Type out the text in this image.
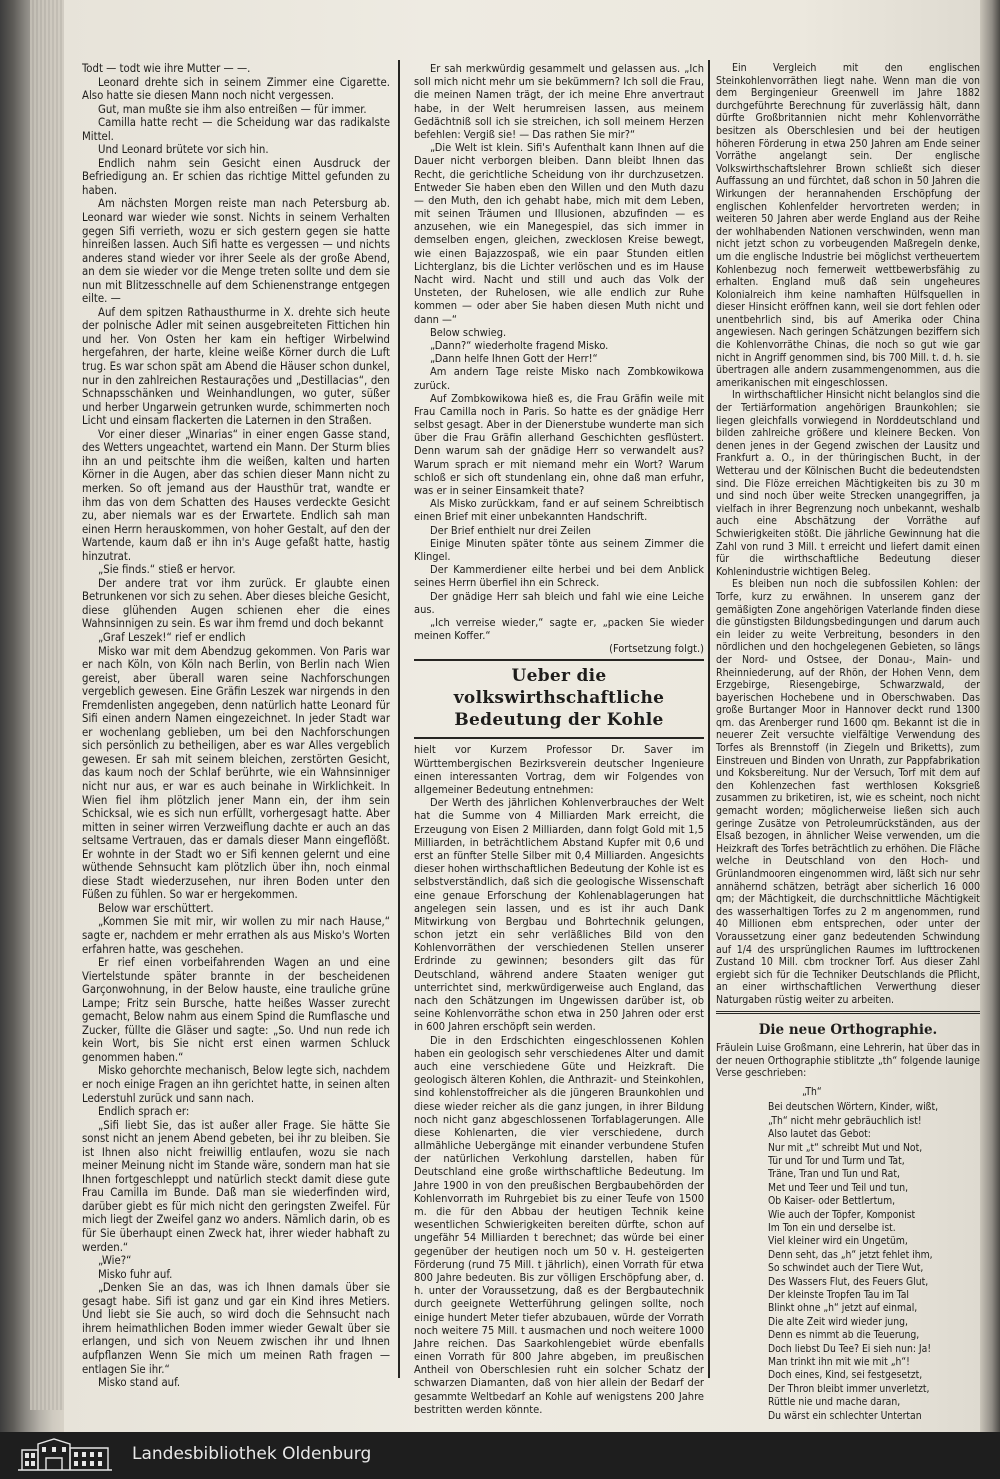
Todt — todt wie ihre Mutter — —.

Leonard drehte sich in seinem Zimmer eine Cigarette. Also hatte sie diesen Mann noch nicht vergessen.

Gut, man mußte sie ihm also entreißen — für immer.

Camilla hatte recht — die Scheidung war das radikalste Mittel.

Und Leonard brütete vor sich hin.

Endlich nahm sein Gesicht einen Ausdruck der Befriedigung an. Er schien das richtige Mittel gefunden zu haben.

Am nächsten Morgen reiste man nach Petersburg ab. Leonard war wieder wie sonst. Nichts in seinem Verhalten gegen Sifi verrieth, wozu er sich gestern gegen sie hatte hinreißen lassen. Auch Sifi hatte es vergessen — und nichts anderes stand wieder vor ihrer Seele als der große Abend, an dem sie wieder vor die Menge treten sollte und dem sie nun mit Blitzesschnelle auf dem Schienenstrange entgegen eilte. —

Auf dem spitzen Rathausthurme in X. drehte sich heute der polnische Adler mit seinen ausgebreiteten Fittichen hin und her. Von Osten her kam ein heftiger Wirbelwind hergefahren, der harte, kleine weiße Körner durch die Luft trug. Es war schon spät am Abend die Häuser schon dunkel, nur in den zahlreichen Restaurações und „Destillacias“, den Schnapsschänken und Weinhandlungen, wo guter, süßer und herber Ungarwein getrunken wurde, schimmerten noch Licht und einsam flackerten die Laternen in den Straßen.

Vor einer dieser „Winarias“ in einer engen Gasse stand, des Wetters ungeachtet, wartend ein Mann. Der Sturm blies ihn an und peitschte ihm die weißen, kalten und harten Körner in die Augen, aber das schien dieser Mann nicht zu merken. So oft jemand aus der Hausthür trat, wandte er ihm das von dem Schatten des Hauses verdeckte Gesicht zu, aber niemals war es der Erwartete. Endlich sah man einen Herrn herauskommen, von hoher Gestalt, auf den der Wartende, kaum daß er ihn in's Auge gefaßt hatte, hastig hinzutrat.

„Sie finds.“ stieß er hervor.

Der andere trat vor ihm zurück. Er glaubte einen Betrunkenen vor sich zu sehen. Aber dieses bleiche Gesicht, diese glühenden Augen schienen eher die eines Wahnsinnigen zu sein. Es war ihm fremd und doch bekannt

„Graf Leszek!“ rief er endlich

Misko war mit dem Abendzug gekommen. Von Paris war er nach Köln, von Köln nach Berlin, von Berlin nach Wien gereist, aber überall waren seine Nachforschungen vergeblich gewesen. Eine Gräfin Leszek war nirgends in den Fremdenlisten angegeben, denn natürlich hatte Leonard für Sifi einen andern Namen eingezeichnet. In jeder Stadt war er wochenlang geblieben, um bei den Nachforschungen sich persönlich zu betheiligen, aber es war Alles vergeblich gewesen. Er sah mit seinem bleichen, zerstörten Gesicht, das kaum noch der Schlaf berührte, wie ein Wahnsinniger nicht nur aus, er war es auch beinahe in Wirklichkeit. In Wien fiel ihm plötzlich jener Mann ein, der ihm sein Schicksal, wie es sich nun erfüllt, vorhergesagt hatte. Aber mitten in seiner wirren Verzweiflung dachte er auch an das seltsame Vertrauen, das er damals dieser Mann eingeflößt. Er wohnte in der Stadt wo er Sifi kennen gelernt und eine wüthende Sehnsucht kam plötzlich über ihn, noch einmal diese Stadt wiederzusehen, nur ihren Boden unter den Füßen zu fühlen. So war er hergekommen.

Below war erschüttert.

„Kommen Sie mit mir, wir wollen zu mir nach Hause,“ sagte er, nachdem er mehr errathen als aus Misko's Worten erfahren hatte, was geschehen.

Er rief einen vorbeifahrenden Wagen an und eine Viertelstunde später brannte in der bescheidenen Garçonwohnung, in der Below hauste, eine trauliche grüne Lampe; Fritz sein Bursche, hatte heißes Wasser zurecht gemacht, Below nahm aus einem Spind die Rumflasche und Zucker, füllte die Gläser und sagte: „So. Und nun rede ich kein Wort, bis Sie nicht erst einen warmen Schluck genommen haben.“

Misko gehorchte mechanisch, Below legte sich, nachdem er noch einige Fragen an ihn gerichtet hatte, in seinen alten Lederstuhl zurück und sann nach.

Endlich sprach er:

„Sifi liebt Sie, das ist außer aller Frage. Sie hätte Sie sonst nicht an jenem Abend gebeten, bei ihr zu bleiben. Sie ist Ihnen also nicht freiwillig entlaufen, wozu sie nach meiner Meinung nicht im Stande wäre, sondern man hat sie Ihnen fortgeschleppt und natürlich steckt damit diese gute Frau Camilla im Bunde. Daß man sie wiederfinden wird, darüber giebt es für mich nicht den geringsten Zweifel. Für mich liegt der Zweifel ganz wo anders. Nämlich darin, ob es für Sie überhaupt einen Zweck hat, ihrer wieder habhaft zu werden.“

„Wie?“

Misko fuhr auf.

„Denken Sie an das, was ich Ihnen damals über sie gesagt habe. Sifi ist ganz und gar ein Kind ihres Metiers. Und liebt sie Sie auch, so wird doch die Sehnsucht nach ihrem heimathlichen Boden immer wieder Gewalt über sie erlangen, und sich von Neuem zwischen ihr und Ihnen aufpflanzen Wenn Sie mich um meinen Rath fragen — entlagen Sie ihr.“

Misko stand auf.

Er sah merkwürdig gesammelt und gelassen aus. „Ich soll mich nicht mehr um sie bekümmern? Ich soll die Frau, die meinen Namen trägt, der ich meine Ehre anvertraut habe, in der Welt herumreisen lassen, aus meinem Gedächtniß soll ich sie streichen, ich soll meinem Herzen befehlen: Vergiß sie! — Das rathen Sie mir?“

„Die Welt ist klein. Sifi's Aufenthalt kann Ihnen auf die Dauer nicht verborgen bleiben. Dann bleibt Ihnen das Recht, die gerichtliche Scheidung von ihr durchzusetzen. Entweder Sie haben eben den Willen und den Muth dazu — den Muth, den ich gehabt habe, mich mit dem Leben, mit seinen Träumen und Illusionen, abzufinden — es anzusehen, wie ein Manegespiel, das sich immer in demselben engen, gleichen, zwecklosen Kreise bewegt, wie einen Bajazzospaß, wie ein paar Stunden eitlen Lichterglanz, bis die Lichter verlöschen und es im Hause Nacht wird. Nacht und still und auch das Volk der Unsteten, der Ruhelosen, wie alle endlich zur Ruhe kommen — oder aber Sie haben diesen Muth nicht und dann —“

Below schwieg.

„Dann?“ wiederholte fragend Misko.

„Dann helfe Ihnen Gott der Herr!“

Am andern Tage reiste Misko nach Zombkowikowa zurück.

Auf Zombkowikowa hieß es, die Frau Gräfin weile mit Frau Camilla noch in Paris. So hatte es der gnädige Herr selbst gesagt. Aber in der Dienerstube wunderte man sich über die Frau Gräfin allerhand Geschichten gesflüstert. Denn warum sah der gnädige Herr so verwandelt aus? Warum sprach er mit niemand mehr ein Wort? Warum schloß er sich oft stundenlang ein, ohne daß man erfuhr, was er in seiner Einsamkeit thate?

Als Misko zurückkam, fand er auf seinem Schreibtisch einen Brief mit einer unbekannten Handschrift.

Der Brief enthielt nur drei Zeilen

Einige Minuten später tönte aus seinem Zimmer die Klingel.

Der Kammerdiener eilte herbei und bei dem Anblick seines Herrn überfiel ihn ein Schreck.

Der gnädige Herr sah bleich und fahl wie eine Leiche aus.

„Ich verreise wieder,“ sagte er, „packen Sie wieder meinen Koffer.“

(Fortsetzung folgt.)

Ueber die volkswirthschaftliche Bedeutung der Kohle

hielt vor Kurzem Professor Dr. Saver im Württembergischen Bezirksverein deutscher Ingenieure einen interessanten Vortrag, dem wir Folgendes von allgemeiner Bedeutung entnehmen:

Der Werth des jährlichen Kohlenverbrauches der Welt hat die Summe von 4 Milliarden Mark erreicht, die Erzeugung von Eisen 2 Milliarden, dann folgt Gold mit 1,5 Milliarden, in beträchtlichem Abstand Kupfer mit 0,6 und erst an fünfter Stelle Silber mit 0,4 Milliarden. Angesichts dieser hohen wirthschaftlichen Bedeutung der Kohle ist es selbstverständlich, daß sich die geologische Wissenschaft eine genaue Erforschung der Kohlenablagerungen hat angelegen sein lassen, und es ist ihr auch Dank Mitwirkung von Bergbau und Bohrtechnik gelungen, schon jetzt ein sehr verläßliches Bild von den Kohlenvorräthen der verschiedenen Stellen unserer Erdrinde zu gewinnen; besonders gilt das für Deutschland, während andere Staaten weniger gut unterrichtet sind, merkwürdigerweise auch England, das nach den Schätzungen im Ungewissen darüber ist, ob seine Kohlenvorräthe schon etwa in 250 Jahren oder erst in 600 Jahren erschöpft sein werden.

Die in den Erdschichten eingeschlossenen Kohlen haben ein geologisch sehr verschiedenes Alter und damit auch eine verschiedene Güte und Heizkraft. Die geologisch älteren Kohlen, die Anthrazit- und Steinkohlen, sind kohlenstoffreicher als die jüngeren Braunkohlen und diese wieder reicher als die ganz jungen, in ihrer Bildung noch nicht ganz abgeschlossenen Torfablagerungen. Alle diese Kohlenarten, die vier verschiedene, durch allmähliche Uebergänge mit einander verbundene Stufen der natürlichen Verkohlung darstellen, haben für Deutschland eine große wirthschaftliche Bedeutung. Im Jahre 1900 in von den preußischen Bergbaubehörden der Kohlenvorrath im Ruhrgebiet bis zu einer Teufe von 1500 m. die für den Abbau der heutigen Technik keine wesentlichen Schwierigkeiten bereiten dürfte, schon auf ungefähr 54 Milliarden t berechnet; das würde bei einer gegenüber der heutigen noch um 50 v. H. gesteigerten Förderung (rund 75 Mill. t jährlich), einen Vorrath für etwa 800 Jahre bedeuten. Bis zur völligen Erschöpfung aber, d. h. unter der Voraussetzung, daß es der Bergbautechnik durch geeignete Wetterführung gelingen sollte, noch einige hundert Meter tiefer abzubauen, würde der Vorrath noch weitere 75 Mill. t ausmachen und noch weitere 1000 Jahre reichen. Das Saarkohlengebiet würde ebenfalls einen Vorrath für 800 Jahre abgeben, im preußischen Antheil von Oberschlesien ruht ein solcher Schatz der schwarzen Diamanten, daß von hier allein der Bedarf der gesammte Weltbedarf an Kohle auf wenigstens 200 Jahre bestritten werden könnte.

Ein Vergleich mit den englischen Steinkohlenvorräthen liegt nahe. Wenn man die von dem Bergingenieur Greenwell im Jahre 1882 durchgeführte Berechnung für zuverlässig hält, dann dürfte Großbritannien nicht mehr Kohlenvorräthe besitzen als Oberschlesien und bei der heutigen höheren Förderung in etwa 250 Jahren am Ende seiner Vorräthe angelangt sein. Der englische Volkswirthschaftslehrer Brown schließt sich dieser Auffassung an und fürchtet, daß schon in 50 Jahren die Wirkungen der herannahenden Erschöpfung der englischen Kohlenfelder hervortreten werden; in weiteren 50 Jahren aber werde England aus der Reihe der wohlhabenden Nationen verschwinden, wenn man nicht jetzt schon zu vorbeugenden Maßregeln denke, um die englische Industrie bei möglichst vertheuertem Kohlenbezug noch fernerweit wettbewerbsfähig zu erhalten. England muß daß sein ungeheures Kolonialreich ihm keine namhaften Hülfsquellen in dieser Hinsicht eröffnen kann, weil sie dort fehlen oder unentbehrlich sind, bis auf Amerika oder China angewiesen. Nach geringen Schätzungen beziffern sich die Kohlenvorräthe Chinas, die noch so gut wie gar nicht in Angriff genommen sind, bis 700 Mill. t. d. h. sie übertragen alle andern zusammengenommen, aus die amerikanischen mit eingeschlossen.

In wirthschaftlicher Hinsicht nicht belanglos sind die der Tertiärformation angehörigen Braunkohlen; sie liegen gleichfalls vorwiegend in Norddeutschland und bilden zahlreiche größere und kleinere Becken. Von denen jenes in der Gegend zwischen der Lausitz und Frankfurt a. O., in der thüringischen Bucht, in der Wetterau und der Kölnischen Bucht die bedeutendsten sind. Die Flöze erreichen Mächtigkeiten bis zu 30 m und sind noch über weite Strecken unangegriffen, ja vielfach in ihrer Begrenzung noch unbekannt, weshalb auch eine Abschätzung der Vorräthe auf Schwierigkeiten stößt. Die jährliche Gewinnung hat die Zahl von rund 3 Mill. t erreicht und liefert damit einen für die wirthschaftliche Bedeutung dieser Kohlenindustrie wichtigen Beleg.

Es bleiben nun noch die subfossilen Kohlen: der Torfe, kurz zu erwähnen. In unserem ganz der gemäßigten Zone angehörigen Vaterlande finden diese die günstigsten Bildungsbedingungen und darum auch ein leider zu weite Verbreitung, besonders in den nördlichen und den hochgelegenen Gebieten, so längs der Nord- und Ostsee, der Donau-, Main- und Rheinniederung, auf der Rhön, der Hohen Venn, dem Erzgebirge, Riesengebirge, Schwarzwald, der bayerischen Hochebene und in Oberschwaben. Das große Burtanger Moor in Hannover deckt rund 1300 qm. das Arenberger rund 1600 qm. Bekannt ist die in neuerer Zeit versuchte vielfältige Verwendung des Torfes als Brennstoff (in Ziegeln und Briketts), zum Einstreuen und Binden von Unrath, zur Pappfabrikation und Koksbereitung. Nur der Versuch, Torf mit dem auf den Kohlenzechen fast werthlosen Koksgrieß zusammen zu briketiren, ist, wie es scheint, noch nicht gemacht worden; möglicherweise ließen sich auch geringe Zusätze von Petroleumrückständen, aus der Elsaß bezogen, in ähnlicher Weise verwenden, um die Heizkraft des Torfes beträchtlich zu erhöhen. Die Fläche welche in Deutschland von den Hoch- und Grünlandmooren eingenommen wird, läßt sich nur sehr annähernd schätzen, beträgt aber sicherlich 16 000 qm; der Mächtigkeit, die durchschnittliche Mächtigkeit des wasserhaltigen Torfes zu 2 m angenommen, rund 40 Millionen ebm entsprechen, oder unter der Voraussetzung einer ganz bedeutenden Schwindung auf 1/4 des ursprünglichen Raumes im lufttrockenen Zustand 10 Mill. cbm trockner Torf. Aus dieser Zahl ergiebt sich für die Techniker Deutschlands die Pflicht, an einer wirthschaftlichen Verwerthung dieser Naturgaben rüstig weiter zu arbeiten.

Die neue Orthographie.

Fräulein Luise Großmann, eine Lehrerin, hat über das in der neuen Orthographie stiblitzte „th“ folgende launige Verse geschrieben:

„Th“
Bei deutschen Wörtern, Kinder, wißt,
„Th“ nicht mehr gebräuchlich ist!
Also lautet das Gebot:
Nur mit „t“ schreibt Mut und Not,
Tür und Tor und Turm und Tat,
Träne, Tran und Tun und Rat,
Met und Teer und Teil und tun,
Ob Kaiser- oder Bettlertum,
Wie auch der Töpfer, Komponist
Im Ton ein und derselbe ist.
Viel kleiner wird ein Ungetüm,
Denn seht, das „h“ jetzt fehlet ihm,
So schwindet auch der Tiere Wut,
Des Wassers Flut, des Feuers Glut,
Der kleinste Tropfen Tau im Tal
Blinkt ohne „h“ jetzt auf einmal,
Die alte Zeit wird wieder jung,
Denn es nimmt ab die Teuerung,
Doch liebst Du Tee? Ei sieh nun: Ja!
Man trinkt ihn mit wie mit „h“!
Doch eines, Kind, sei festgesetzt,
Der Thron bleibt immer unverletzt,
Rüttle nie und mache daran,
Du wärst ein schlechter Untertan
Landesbibliothek Oldenburg
